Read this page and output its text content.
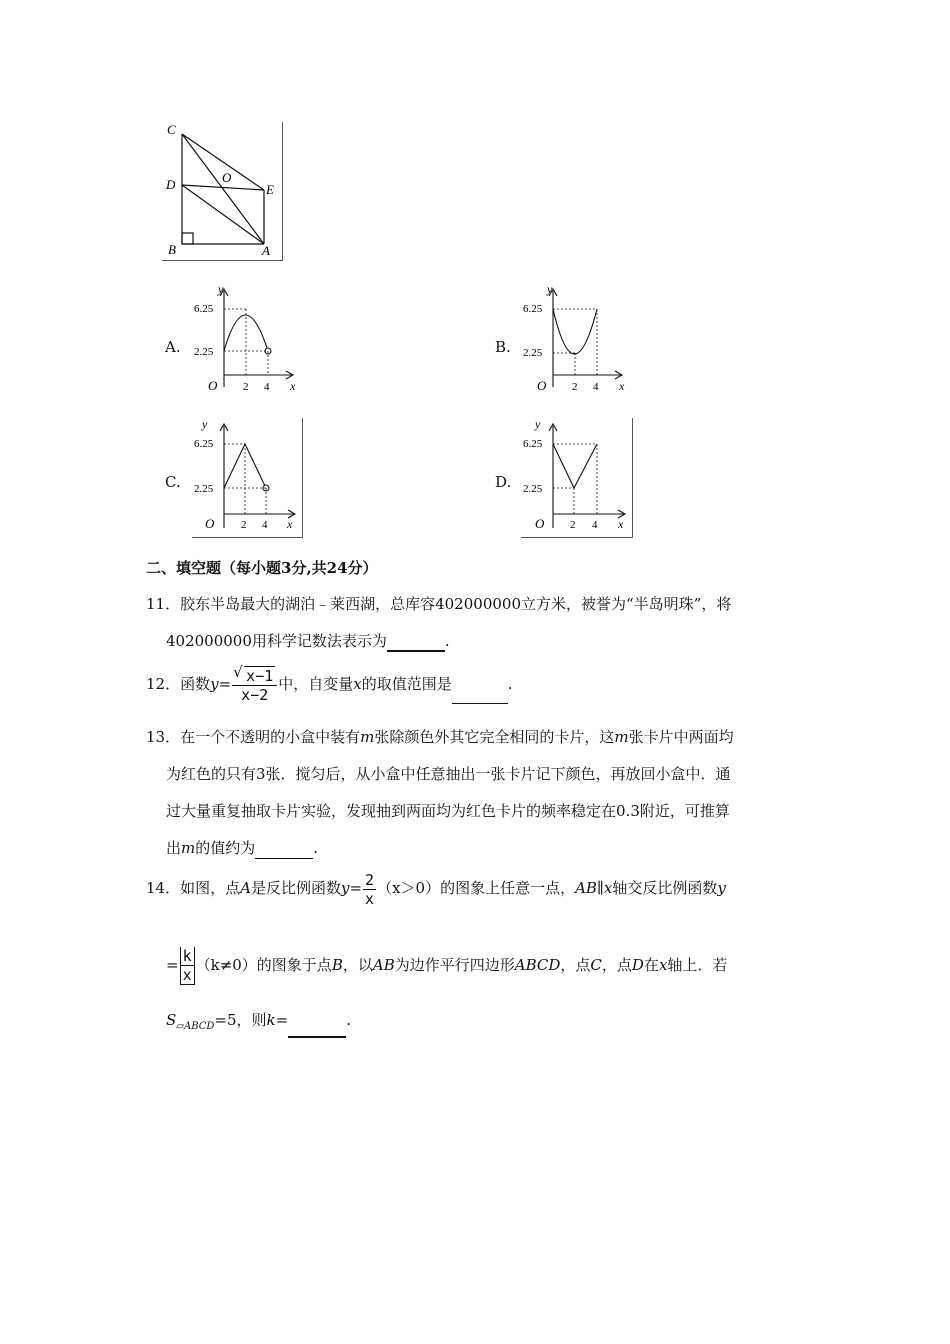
C
D	O
E
B	A
A.
y
6.25
2.25
O 2 4 x
B.
y
6.25
2.25
O 2 4 x
C.
y
6.25
2.25
O 2 4 x
D.
y
6.25
2.25
O 2 4 x
二、填空题（每小题3分,共24分）
11．胶东半岛最大的湖泊﹣莱西湖，总库容402000000立方米，被誉为“半岛明珠”，将
402000000用科学记数法表示为	.
12．函数y=
√ $\frac{x-1}{x-2}$ 中，自变量x的取值范围是	.
13．在一个不透明的小盒中装有m张除颜色外其它完全相同的卡片，这m张卡片中两面均
为红色的只有3张．搅匀后，从小盒中任意抽出一张卡片记下颜色，再放回小盒中．通
过大量重复抽取卡片实验，发现抽到两面均为红色卡片的频率稳定在0.3附近，可推算
出m的值约为	.
14．如图，点A是反比例函数$y= \frac{2}{x} (x>0)$的图象上任意一点，AB∥x轴交反比例函数y
= $\frac{k}{x} (k\ne 0)$的图象于点B，以AB为边作平行四边形ABCD，点C，点D在x轴上．若
$S_{▱ABCD}=5$，则k=	.
